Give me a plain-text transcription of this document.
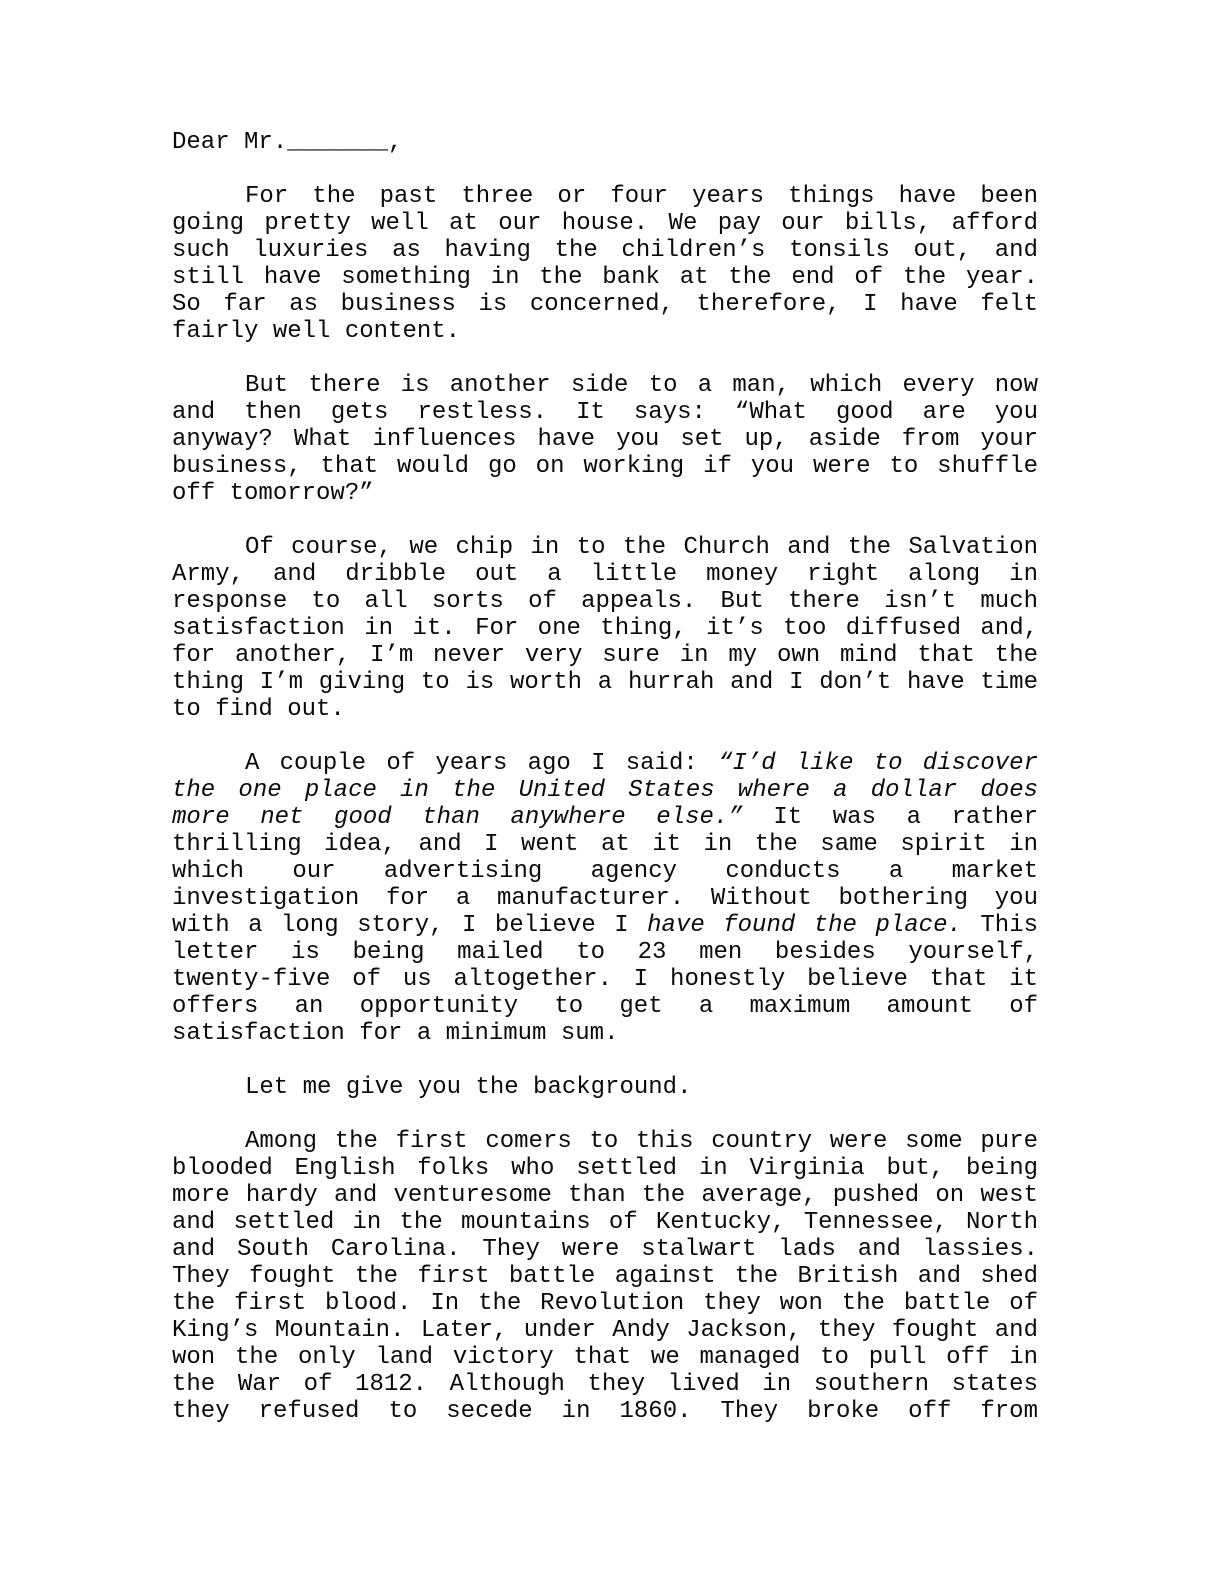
Dear Mr._______,
For the past three or four years things have been
going pretty well at our house. We pay our bills, afford
such luxuries as having the children’s tonsils out, and
still have something in the bank at the end of the year.
So far as business is concerned, therefore, I have felt
fairly well content.
But there is another side to a man, which every now
and then gets restless. It says: “What good are you
anyway? What influences have you set up, aside from your
business, that would go on working if you were to shuffle
off tomorrow?”
Of course, we chip in to the Church and the Salvation
Army, and dribble out a little money right along in
response to all sorts of appeals. But there isn’t much
satisfaction in it. For one thing, it’s too diffused and,
for another, I’m never very sure in my own mind that the
thing I’m giving to is worth a hurrah and I don’t have time
to find out.
A couple of years ago I said: “I’d like to discover
the one place in the United States where a dollar does
more net good than anywhere else.” It was a rather
thrilling idea, and I went at it in the same spirit in
which our advertising agency conducts a market
investigation for a manufacturer. Without bothering you
with a long story, I believe I have found the place. This
letter is being mailed to 23 men besides yourself,
twenty-five of us altogether. I honestly believe that it
offers an opportunity to get a maximum amount of
satisfaction for a minimum sum.
Let me give you the background.
Among the first comers to this country were some pure
blooded English folks who settled in Virginia but, being
more hardy and venturesome than the average, pushed on west
and settled in the mountains of Kentucky, Tennessee, North
and South Carolina. They were stalwart lads and lassies.
They fought the first battle against the British and shed
the first blood. In the Revolution they won the battle of
King’s Mountain. Later, under Andy Jackson, they fought and
won the only land victory that we managed to pull off in
the War of 1812. Although they lived in southern states
they refused to secede in 1860. They broke off from
